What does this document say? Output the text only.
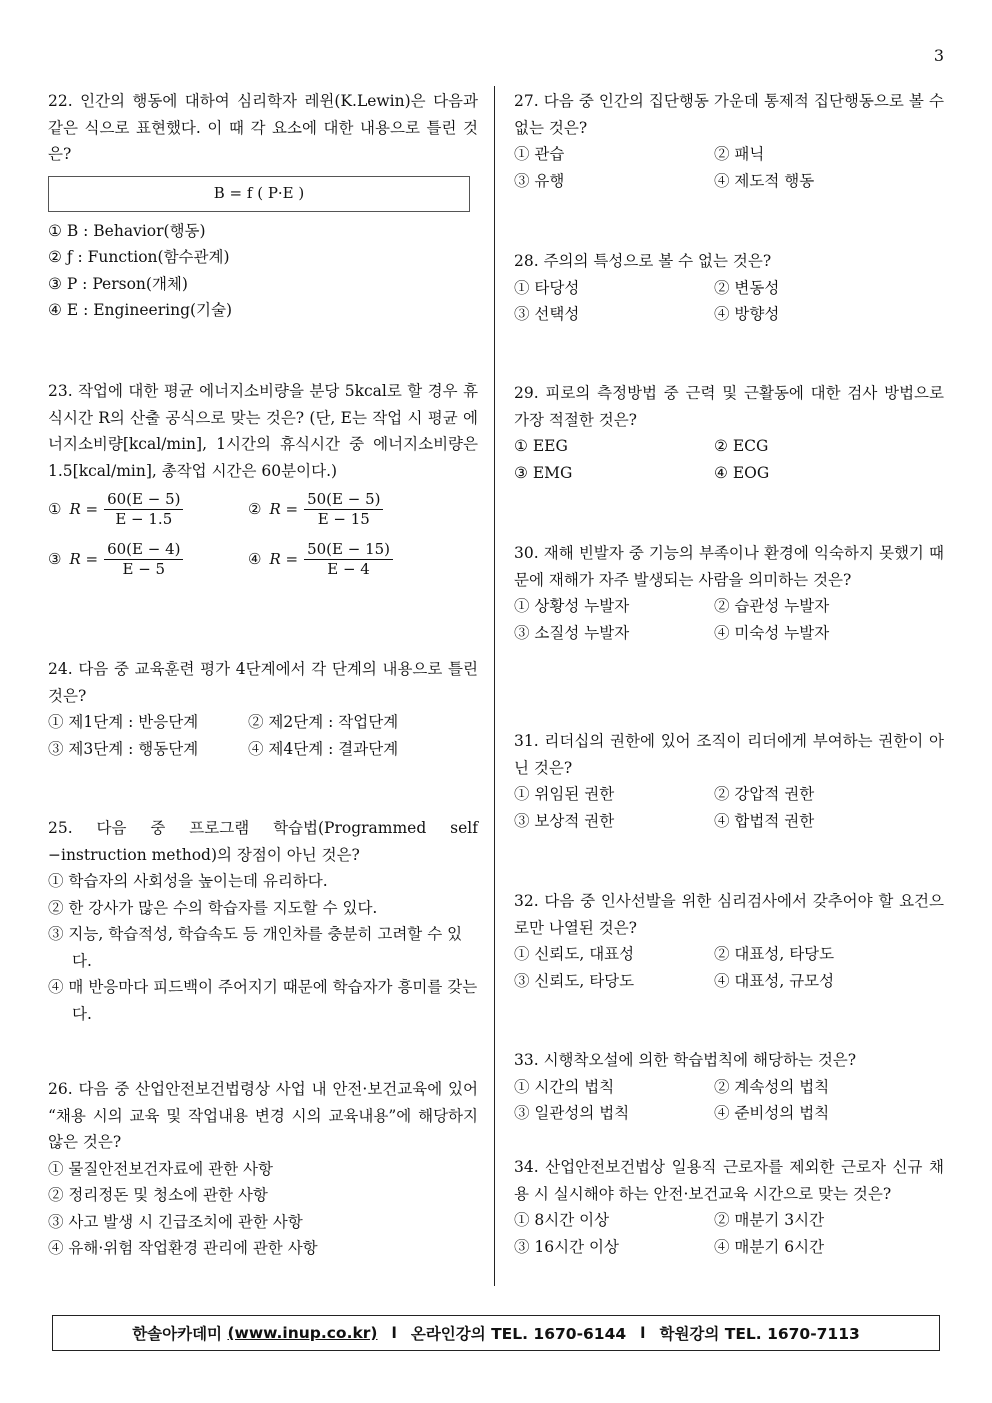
3

22. 인간의 행동에 대하여 심리학자 레윈(K.Lewin)은 다음과 같은 식으로 표현했다. 이 때 각 요소에 대한 내용으로 틀린 것은?

B = f ( P·E )

① B : Behavior(행동)

② ƒ : Function(함수관계)

③ P : Person(개체)

④ E : Engineering(기술)

23. 작업에 대한 평균 에너지소비량을 분당 5kcal로 할 경우 휴식시간 R의 산출 공식으로 맞는 것은? (단, E는 작업 시 평균 에너지소비량[kcal/min], 1시간의 휴식시간 중 에너지소비량은 1.5[kcal/min], 총작업 시간은 60분이다.)

① $R = \frac{60(E - 5)}{E - 1.5}$	② $R = \frac{50(E - 5)}{E - 15}$
③ $R = \frac{60(E - 4)}{E - 5}$	④ $R = \frac{50(E - 15)}{E - 4}$

24. 다음 중 교육훈련 평가 4단계에서 각 단계의 내용으로 틀린 것은?

① 제1단계 : 반응단계	② 제2단계 : 작업단계
③ 제3단계 : 행동단계	④ 제4단계 : 결과단계

25. 다음 중 프로그램 학습법(Programmed self −instruction method)의 장점이 아닌 것은?

① 학습자의 사회성을 높이는데 유리하다.

② 한 강사가 많은 수의 학습자를 지도할 수 있다.

③ 지능, 학습적성, 학습속도 등 개인차를 충분히 고려할 수 있다.

④ 매 반응마다 피드백이 주어지기 때문에 학습자가 흥미를 갖는다.

26. 다음 중 산업안전보건법령상 사업 내 안전·보건교육에 있어 “채용 시의 교육 및 작업내용 변경 시의 교육내용”에 해당하지 않은 것은?

① 물질안전보건자료에 관한 사항

② 정리정돈 및 청소에 관한 사항

③ 사고 발생 시 긴급조치에 관한 사항

④ 유해·위험 작업환경 관리에 관한 사항

27. 다음 중 인간의 집단행동 가운데 통제적 집단행동으로 볼 수 없는 것은?

① 관습	② 패닉
③ 유행	④ 제도적 행동

28. 주의의 특성으로 볼 수 없는 것은?

① 타당성	② 변동성
③ 선택성	④ 방향성

29. 피로의 측정방법 중 근력 및 근활동에 대한 검사 방법으로 가장 적절한 것은?

① EEG	② ECG
③ EMG	④ EOG

30. 재해 빈발자 중 기능의 부족이나 환경에 익숙하지 못했기 때문에 재해가 자주 발생되는 사람을 의미하는 것은?

① 상황성 누발자	② 습관성 누발자
③ 소질성 누발자	④ 미숙성 누발자

31. 리더십의 권한에 있어 조직이 리더에게 부여하는 권한이 아닌 것은?

① 위임된 권한	② 강압적 권한
③ 보상적 권한	④ 합법적 권한

32. 다음 중 인사선발을 위한 심리검사에서 갖추어야 할 요건으로만 나열된 것은?

① 신뢰도, 대표성	② 대표성, 타당도
③ 신뢰도, 타당도	④ 대표성, 규모성

33. 시행착오설에 의한 학습법칙에 해당하는 것은?

① 시간의 법칙	② 계속성의 법칙
③ 일관성의 법칙	④ 준비성의 법칙

34. 산업안전보건법상 일용직 근로자를 제외한 근로자 신규 채용 시 실시해야 하는 안전·보건교육 시간으로 맞는 것은?

① 8시간 이상	② 매분기 3시간
③ 16시간 이상	④ 매분기 6시간
한솔아카데미
(www.inup.co.kr) l 온라인강의 TEL. 1670-6144 l 학원강의 TEL. 1670-7113
